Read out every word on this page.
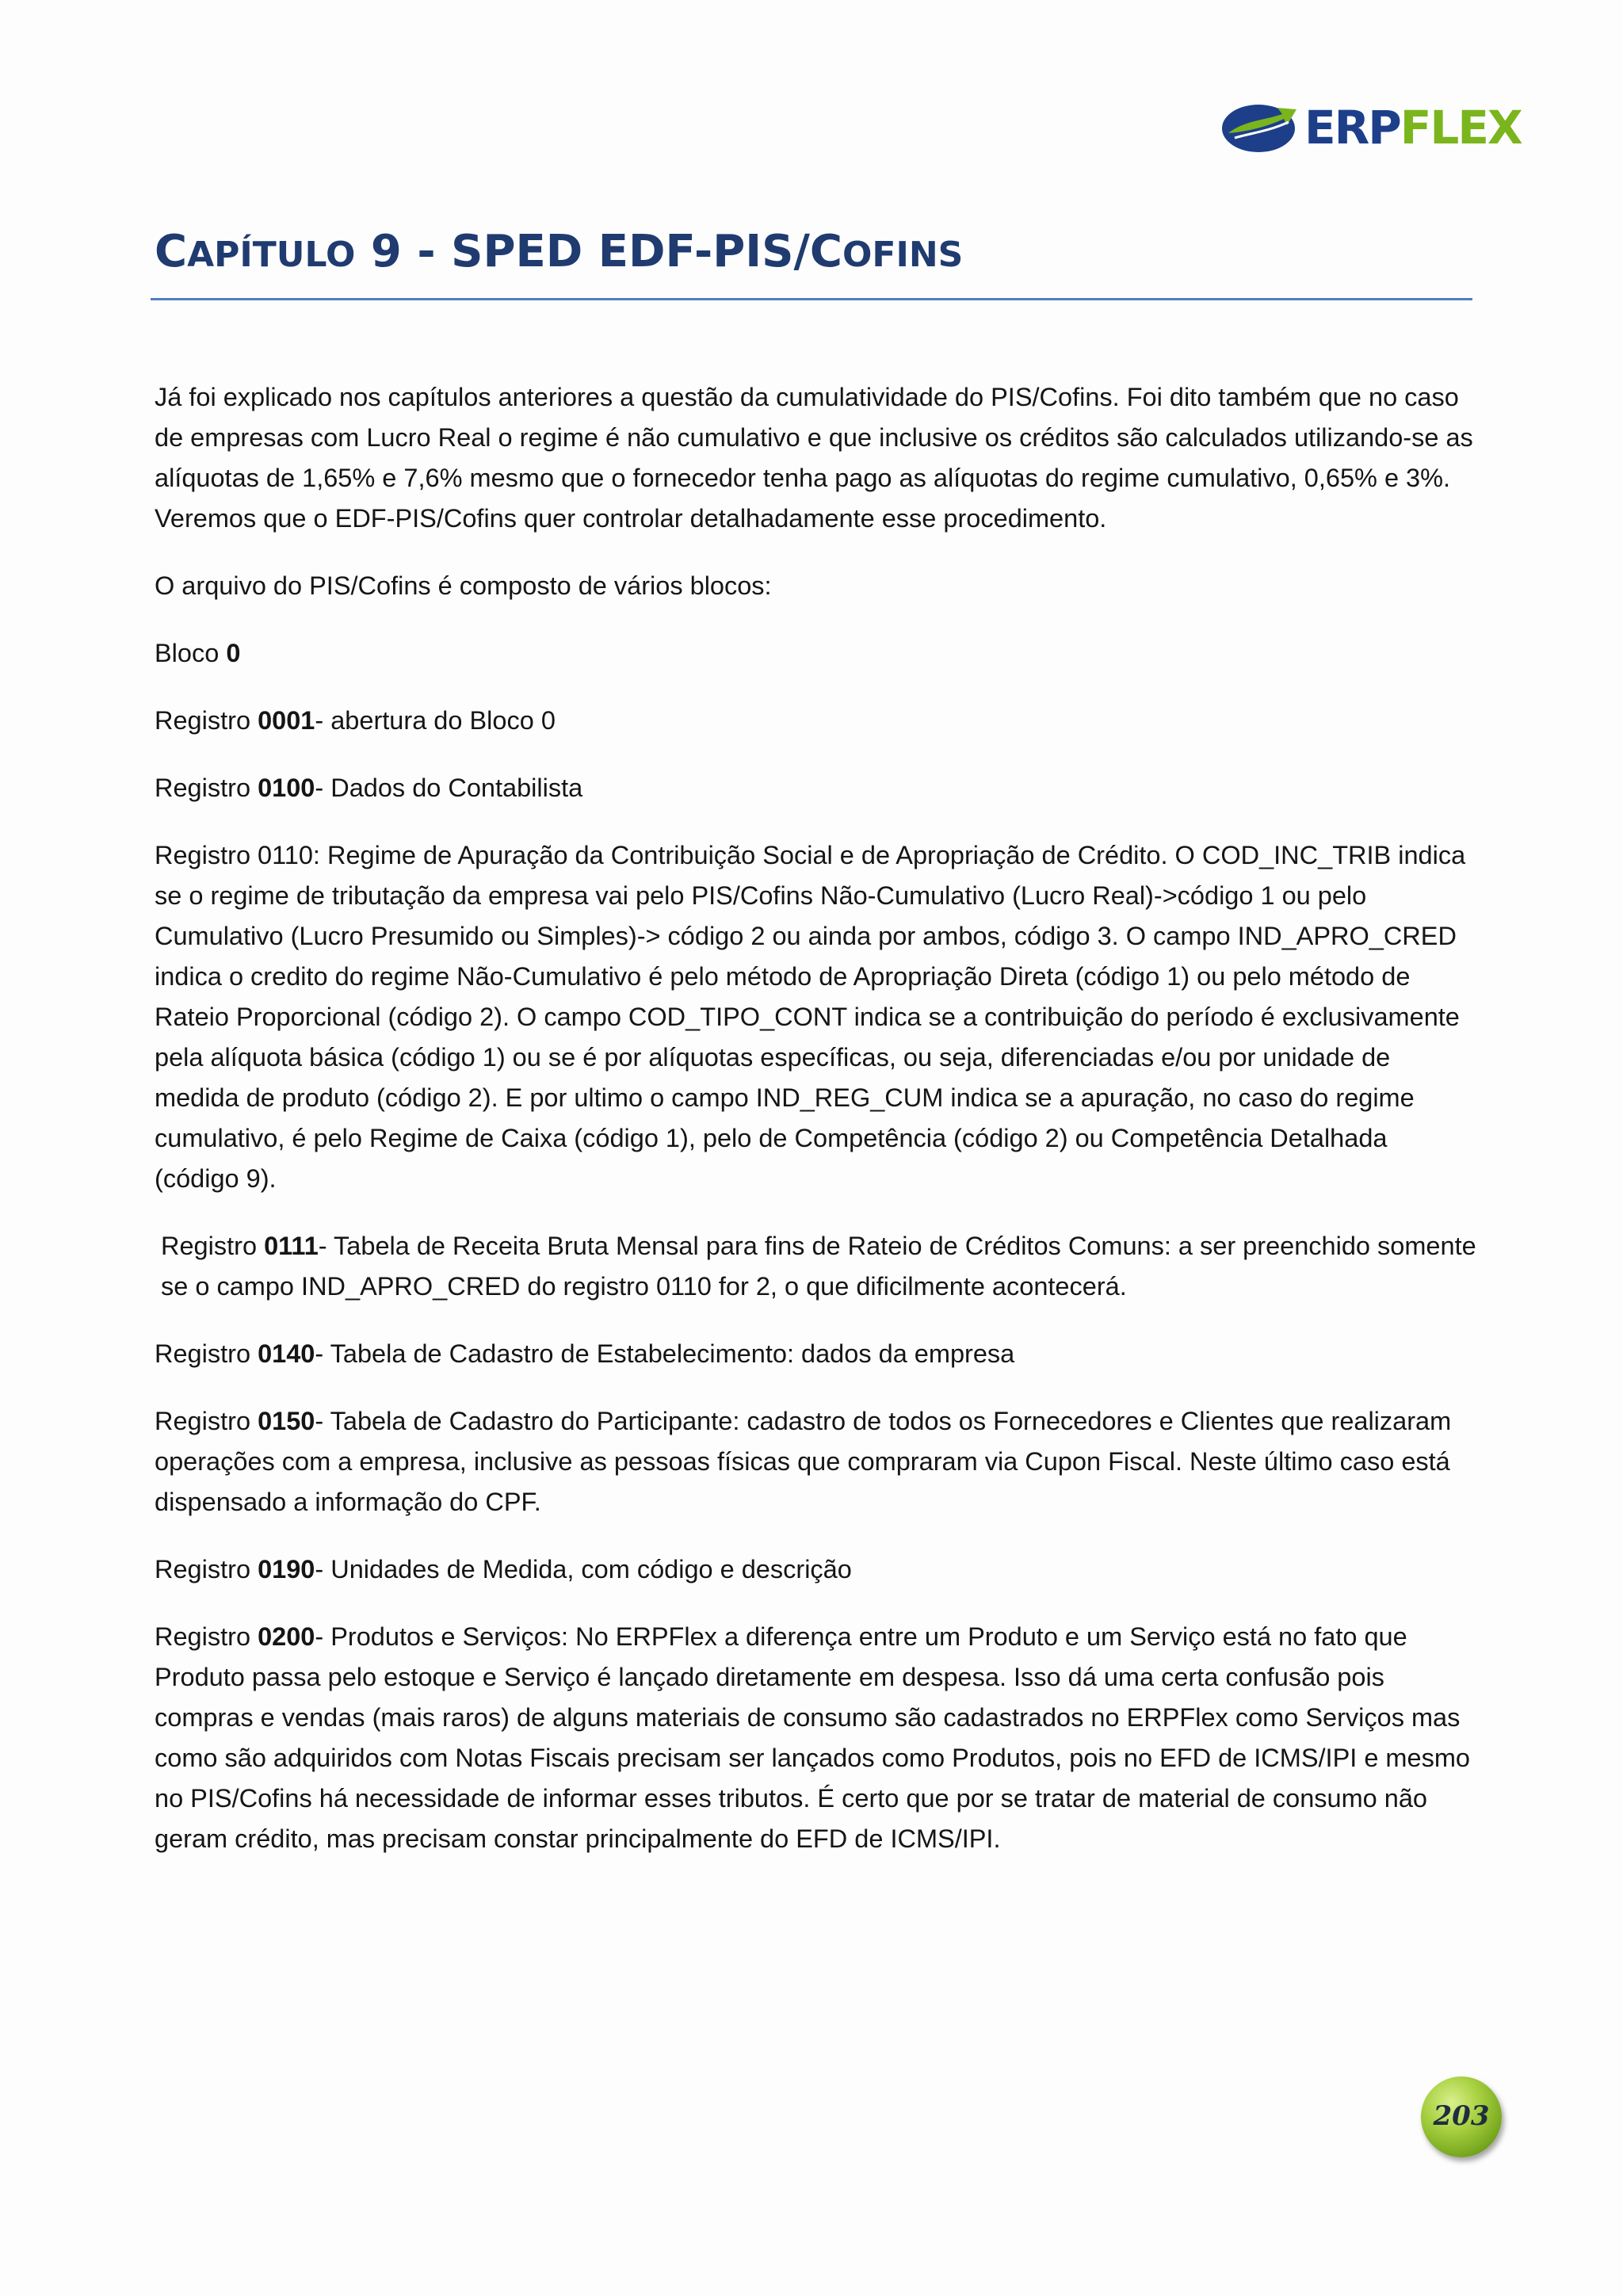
ERPFLEX
CAPÍTULO 9 - SPED EDF-PIS/COFINS

Já foi explicado nos capítulos anteriores a questão da cumulatividade do PIS/Cofins. Foi dito também que no caso de empresas com Lucro Real o regime é não cumulativo e que inclusive os créditos são calculados utilizando-se as alíquotas de 1,65% e 7,6% mesmo que o fornecedor tenha pago as alíquotas do regime cumulativo, 0,65% e 3%. Veremos que o EDF-PIS/Cofins quer controlar detalhadamente esse procedimento.

O arquivo do PIS/Cofins é composto de vários blocos:

Bloco 0

Registro 0001- abertura do Bloco 0

Registro 0100- Dados do Contabilista

Registro 0110: Regime de Apuração da Contribuição Social e de Apropriação de Crédito. O COD_INC_TRIB indica se o regime de tributação da empresa vai pelo PIS/Cofins Não-Cumulativo (Lucro Real)->código 1 ou pelo Cumulativo (Lucro Presumido ou Simples)-> código 2 ou ainda por ambos, código 3. O campo IND_APRO_CRED indica o credito do regime Não-Cumulativo é pelo método de Apropriação Direta (código 1) ou pelo método de Rateio Proporcional (código 2). O campo COD_TIPO_CONT indica se a contribuição do período é exclusivamente pela alíquota básica (código 1) ou se é por alíquotas específicas, ou seja, diferenciadas e/ou por unidade de medida de produto (código 2). E por ultimo o campo IND_REG_CUM indica se a apuração, no caso do regime cumulativo, é pelo Regime de Caixa (código 1), pelo de Competência (código 2) ou Competência Detalhada (código 9).

Registro 0111- Tabela de Receita Bruta Mensal para fins de Rateio de Créditos Comuns: a ser preenchido somente se o campo IND_APRO_CRED do registro 0110 for 2, o que dificilmente acontecerá.

Registro 0140- Tabela de Cadastro de Estabelecimento: dados da empresa

Registro 0150- Tabela de Cadastro do Participante: cadastro de todos os Fornecedores e Clientes que realizaram operações com a empresa, inclusive as pessoas físicas que compraram via Cupon Fiscal. Neste último caso está dispensado a informação do CPF.

Registro 0190- Unidades de Medida, com código e descrição

Registro 0200- Produtos e Serviços: No ERPFlex a diferença entre um Produto e um Serviço está no fato que Produto passa pelo estoque e Serviço é lançado diretamente em despesa. Isso dá uma certa confusão pois compras e vendas (mais raros) de alguns materiais de consumo são cadastrados no ERPFlex como Serviços mas como são adquiridos com Notas Fiscais precisam ser lançados como Produtos, pois no EFD de ICMS/IPI e mesmo no PIS/Cofins há necessidade de informar esses tributos. É certo que por se tratar de material de consumo não geram crédito, mas precisam constar principalmente do EFD de ICMS/IPI.

203
